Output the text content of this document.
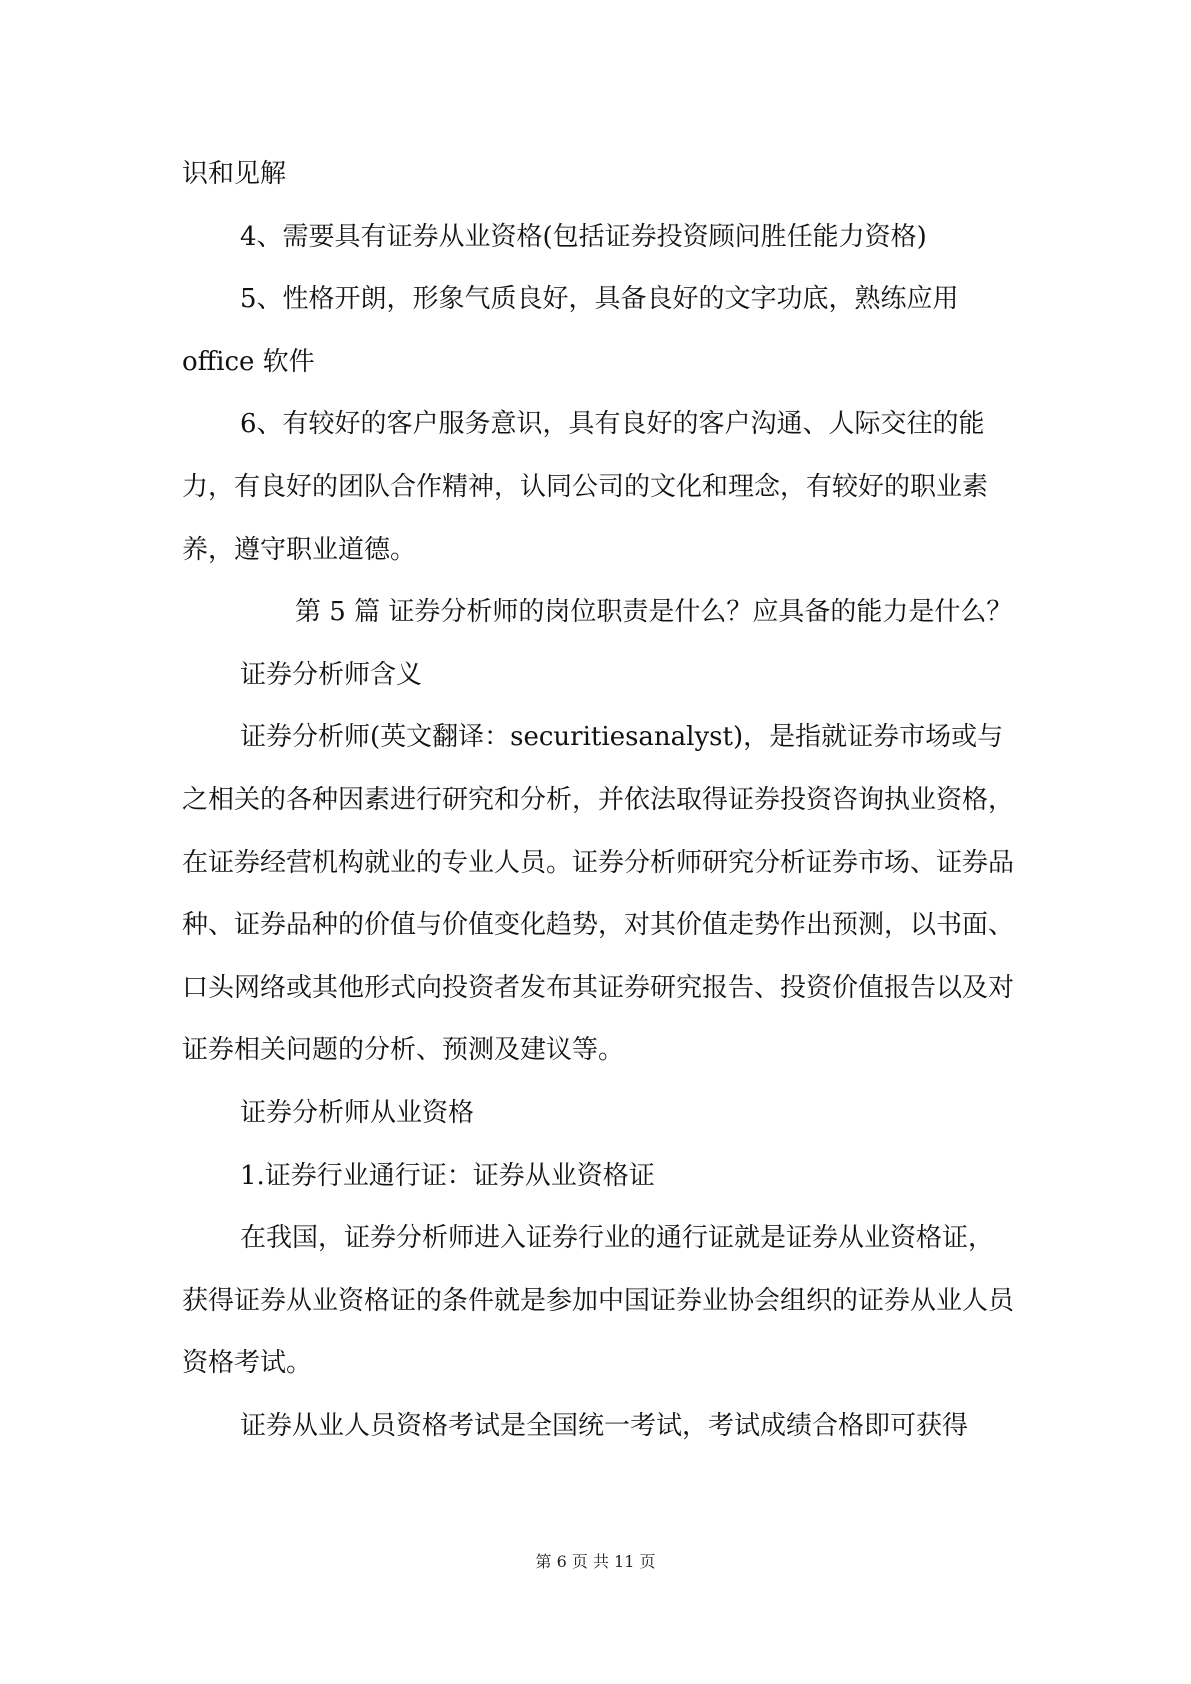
识和见解

4、需要具有证券从业资格(包括证券投资顾问胜任能力资格)

5、性格开朗，形象气质良好，具备良好的文字功底，熟练应用office 软件

6、有较好的客户服务意识，具有良好的客户沟通、人际交往的能力，有良好的团队合作精神，认同公司的文化和理念，有较好的职业素养，遵守职业道德。

第 5 篇 证券分析师的岗位职责是什么？应具备的能力是什么？

证券分析师含义

证券分析师(英文翻译：securitiesanalyst)，是指就证券市场或与之相关的各种因素进行研究和分析，并依法取得证券投资咨询执业资格，在证券经营机构就业的专业人员。证券分析师研究分析证券市场、证券品种、证券品种的价值与价值变化趋势，对其价值走势作出预测，以书面、口头网络或其他形式向投资者发布其证券研究报告、投资价值报告以及对证券相关问题的分析、预测及建议等。

证券分析师从业资格

1.证券行业通行证：证券从业资格证

在我国，证券分析师进入证券行业的通行证就是证券从业资格证，获得证券从业资格证的条件就是参加中国证券业协会组织的证券从业人员资格考试。

证券从业人员资格考试是全国统一考试，考试成绩合格即可获得

第 6 页 共 11 页
